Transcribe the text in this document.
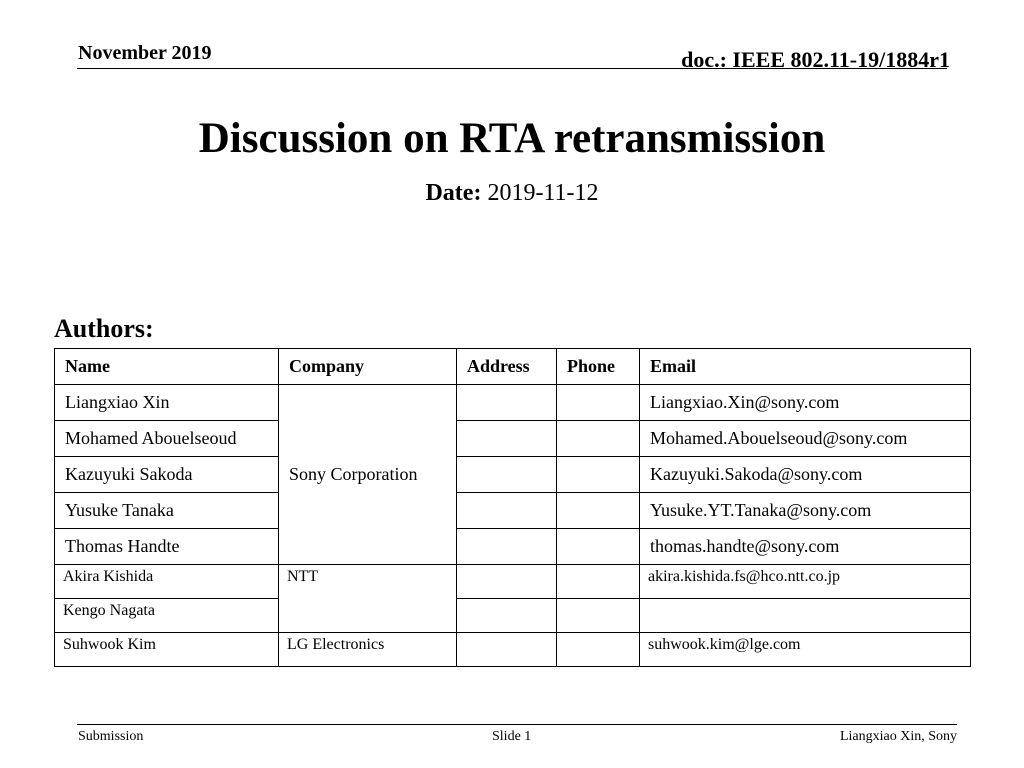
November 2019	doc.: IEEE 802.11-19/1884r1
Discussion on RTA retransmission
Date: 2019-11-12
Authors:
Name	Company	Address	Phone	Email
Liangxiao Xin	Sony Corporation			Liangxiao.Xin@sony.com
Mohamed Abouelseoud				Mohamed.Abouelseoud@sony.com
Kazuyuki Sakoda				Kazuyuki.Sakoda@sony.com
Yusuke Tanaka				Yusuke.YT.Tanaka@sony.com
Thomas Handte				thomas.handte@sony.com
Akira Kishida	NTT			akira.kishida.fs@hco.ntt.co.jp
Kengo Nagata				
Suhwook Kim	LG Electronics			suhwook.kim@lge.com
Submission	Slide 1	Liangxiao Xin, Sony
